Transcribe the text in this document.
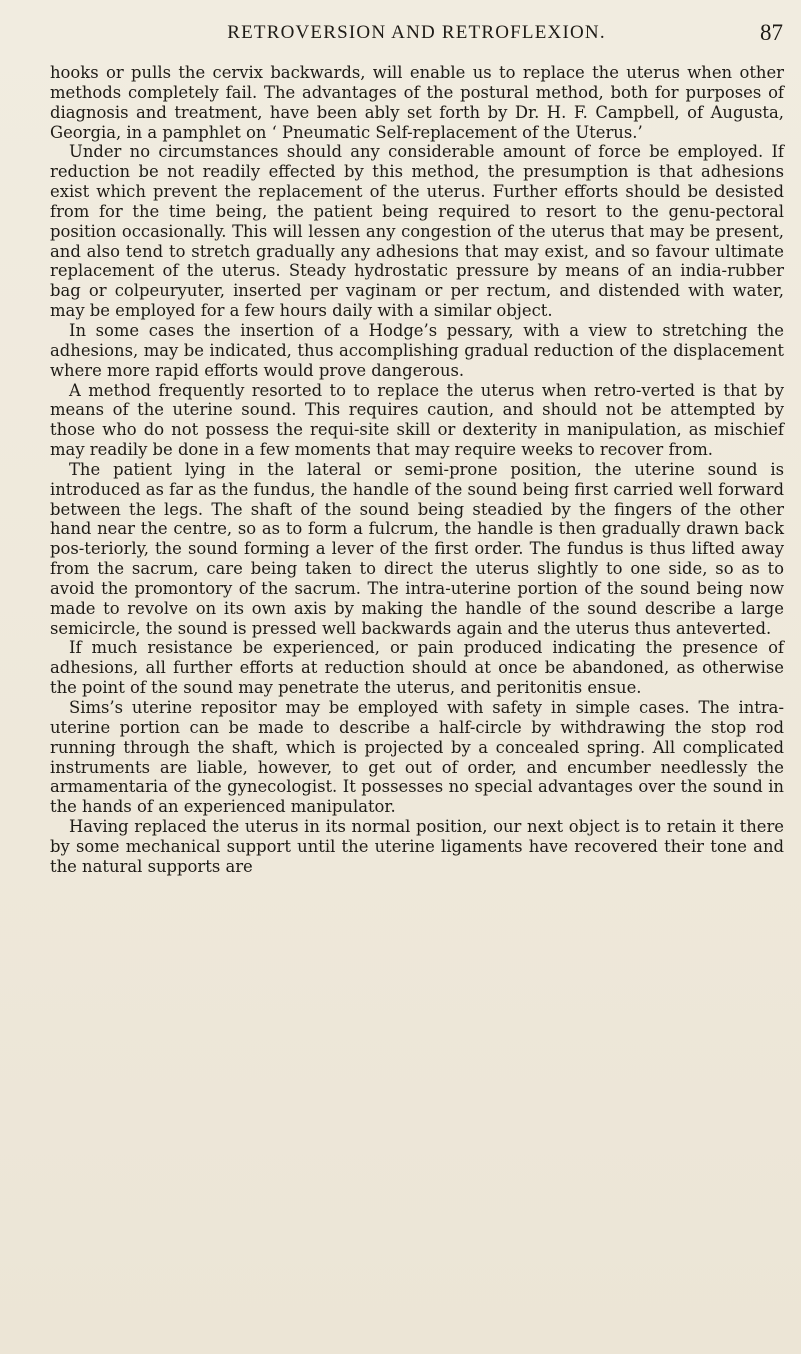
RETROVERSION AND RETROFLEXION.	87

hooks or pulls the cervix backwards, will enable us to replace the uterus when other methods completely fail. The advantages of the postural method, both for purposes of diagnosis and treatment, have been ably set forth by Dr. H. F. Campbell, of Augusta, Georgia, in a pamphlet on ‘ Pneumatic Self-replacement of the Uterus.’

Under no circumstances should any considerable amount of force be employed. If reduction be not readily effected by this method, the presumption is that adhesions exist which prevent the replacement of the uterus. Further efforts should be desisted from for the time being, the patient being required to resort to the genu-pectoral position occasionally. This will lessen any congestion of the uterus that may be present, and also tend to stretch gradually any adhesions that may exist, and so favour ultimate replacement of the uterus. Steady hydrostatic pressure by means of an india-rubber bag or colpeuryuter, inserted per vaginam or per rectum, and distended with water, may be employed for a few hours daily with a similar object.

In some cases the insertion of a Hodge’s pessary, with a view to stretching the adhesions, may be indicated, thus accomplishing gradual reduction of the displacement where more rapid efforts would prove dangerous.

A method frequently resorted to to replace the uterus when retro-verted is that by means of the uterine sound. This requires caution, and should not be attempted by those who do not possess the requi-site skill or dexterity in manipulation, as mischief may readily be done in a few moments that may require weeks to recover from.

The patient lying in the lateral or semi-prone position, the uterine sound is introduced as far as the fundus, the handle of the sound being first carried well forward between the legs. The shaft of the sound being steadied by the fingers of the other hand near the centre, so as to form a fulcrum, the handle is then gradually drawn back pos-teriorly, the sound forming a lever of the first order. The fundus is thus lifted away from the sacrum, care being taken to direct the uterus slightly to one side, so as to avoid the promontory of the sacrum. The intra-uterine portion of the sound being now made to revolve on its own axis by making the handle of the sound describe a large semicircle, the sound is pressed well backwards again and the uterus thus anteverted.

If much resistance be experienced, or pain produced indicating the presence of adhesions, all further efforts at reduction should at once be abandoned, as otherwise the point of the sound may penetrate the uterus, and peritonitis ensue.

Sims’s uterine repositor may be employed with safety in simple cases. The intra-uterine portion can be made to describe a half-circle by withdrawing the stop rod running through the shaft, which is projected by a concealed spring. All complicated instruments are liable, however, to get out of order, and encumber needlessly the armamentaria of the gynecologist. It possesses no special advantages over the sound in the hands of an experienced manipulator.

Having replaced the uterus in its normal position, our next object is to retain it there by some mechanical support until the uterine ligaments have recovered their tone and the natural supports are
